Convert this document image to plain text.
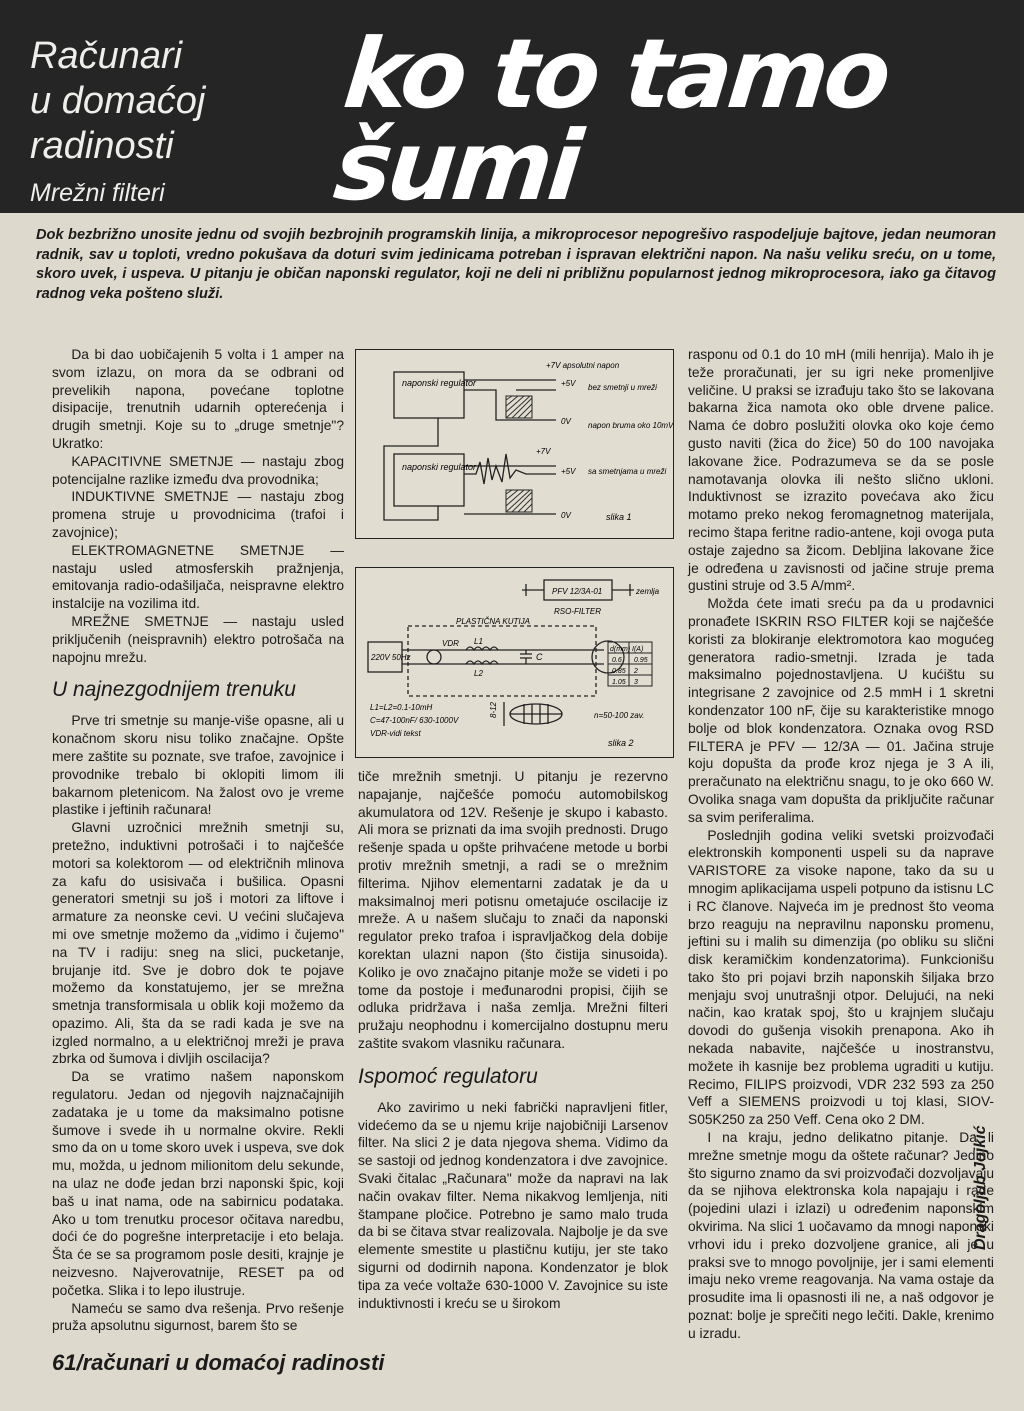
Računari
u domaćoj
radinosti
Mrežni filteri
ko to tamo
šumi
Dok bezbrižno unosite jednu od svojih bezbrojnih programskih linija, a mikroprocesor nepogrešivo raspodeljuje bajtove, jedan neumoran radnik, sav u toploti, vredno pokušava da doturi svim jedinicama potreban i ispravan električni napon. Na našu veliku sreću, on u tome, skoro uvek, i uspeva. U pitanju je običan naponski regulator, koji ne deli ni približnu popularnost jednog mikroprocesora, iako ga čitavog radnog veka pošteno služi.

Da bi dao uobičajenih 5 volta i 1 amper na svom izlazu, on mora da se odbrani od prevelikih napona, povećane toplotne disipacije, trenutnih udarnih opterećenja i drugih smetnji. Koje su to „druge smetnje"? Ukratko:

KAPACITIVNE SMETNJE — nastaju zbog potencijalne razlike između dva provodnika;

INDUKTIVNE SMETNJE — nastaju zbog promena struje u provodnicima (trafoi i zavojnice);

ELEKTROMAGNETNE SMETNJE — nastaju usled atmosferskih pražnjenja, emitovanja radio-odašiljača, neispravne elektro instalcije na vozilima itd.

MREŽNE SMETNJE — nastaju usled priključenih (neispravnih) elektro potrošača na napojnu mrežu.

U najnezgodnijem trenuku

Prve tri smetnje su manje-više opasne, ali u konačnom skoru nisu toliko značajne. Opšte mere zaštite su poznate, sve trafoe, zavojnice i provodnike trebalo bi oklopiti limom ili bakarnom pletenicom. Na žalost ovo je vreme plastike i jeftinih računara!

Glavni uzročnici mrežnih smetnji su, pretežno, induktivni potrošači i to najčešće motori sa kolektorom — od električnih mlinova za kafu do usisivača i bušilica. Opasni generatori smetnji su još i motori za liftove i armature za neonske cevi. U većini slučajeva mi ove smetnje možemo da „vidimo i čujemo" na TV i radiju: sneg na slici, pucketanje, brujanje itd. Sve je dobro dok te pojave možemo da konstatujemo, jer se mrežna smetnja transformisala u oblik koji možemo da opazimo. Ali, šta da se radi kada je sve na izgled normalno, a u električnoj mreži je prava zbrka od šumova i divljih oscilacija?

Da se vratimo našem naponskom regulatoru. Jedan od njegovih najznačajnijih zadataka je u tome da maksimalno potisne šumove i svede ih u normalne okvire. Rekli smo da on u tome skoro uvek i uspeva, sve dok mu, možda, u jednom milionitom delu sekunde, na ulaz ne dođe jedan brzi naponski špic, koji baš u inat nama, ode na sabirnicu podataka. Ako u tom trenutku procesor očitava naredbu, doći će do pogrešne interpretacije i eto belaja. Šta će se sa programom posle desiti, krajnje je neizvesno. Najverovatnije, RESET pa od početka. Slika i to lepo ilustruje.

Nameću se samo dva rešenja. Prvo rešenje pruža apsolutnu sigurnost, barem što se

naponski regulator
naponski regulator
+7V apsolutni napon
+5V
0V
bez smetnji u mreži
napon bruma oko 10mV
+7V
+5V
0V
sa smetnjama u mreži
slika 1
PFV 12/3A-01	zemlja
RSO-FILTER
PLASTIČNA KUTIJA
220V 50Hz
VDR L1
L2
C
d(mm) I(A)
0.6 0.95
0.85 2
1.05 3
L1=L2=0.1-10mH
C=47-100nF/ 630-1000V
VDR-vidi tekst
8-12	n=50-100 zav.
slika 2

tiče mrežnih smetnji. U pitanju je rezervno napajanje, najčešće pomoću automobilskog akumulatora od 12V. Rešenje je skupo i kabasto. Ali mora se priznati da ima svojih prednosti. Drugo rešenje spada u opšte prihvaćene metode u borbi protiv mrežnih smetnji, a radi se o mrežnim filterima. Njihov elementarni zadatak je da u maksimalnoj meri potisnu ometajuće oscilacije iz mreže. A u našem slučaju to znači da naponski regulator preko trafoa i ispravljačkog dela dobije korektan ulazni napon (što čistija sinusoida). Koliko je ovo značajno pitanje može se videti i po tome da postoje i međunarodni propisi, čijih se odluka pridržava i naša zemlja. Mrežni filteri pružaju neophodnu i komercijalno dostupnu meru zaštite svakom vlasniku računara.

Ispomoć regulatoru

Ako zavirimo u neki fabrički napravljeni fitler, videćemo da se u njemu krije najobičniji Larsenov filter. Na slici 2 je data njegova shema. Vidimo da se sastoji od jednog kondenzatora i dve zavojnice. Svaki čitalac „Računara" može da napravi na lak način ovakav filter. Nema nikakvog lemljenja, niti štampane pločice. Potrebno je samo malo truda da bi se čitava stvar realizovala. Najbolje je da sve elemente smestite u plastičnu kutiju, jer ste tako sigurni od dodirnih napona. Kondenzator je blok tipa za veće voltaže 630-1000 V. Zavojnice su iste induktivnosti i kreću se u širokom

rasponu od 0.1 do 10 mH (mili henrija). Malo ih je teže proračunati, jer su igri neke promenljive veličine. U praksi se izrađuju tako što se lakovana bakarna žica namota oko oble drvene palice. Nama će dobro poslužiti olovka oko koje ćemo gusto naviti (žica do žice) 50 do 100 navojaka lakovane žice. Podrazumeva se da se posle namotavanja olovka ili nešto slično ukloni. Induktivnost se izrazito povećava ako žicu motamo preko nekog feromagnetnog materijala, recimo štapa feritne radio-antene, koji ovoga puta ostaje zajedno sa žicom. Debljina lakovane žice je određena u zavisnosti od jačine struje prema gustini struje od 3.5 A/mm².

Možda ćete imati sreću pa da u prodavnici pronađete ISKRIN RSO FILTER koji se najčešće koristi za blokiranje elektromotora kao mogućeg generatora radio-smetnji. Izrada je tada maksimalno pojednostavljena. U kućištu su integrisane 2 zavojnice od 2.5 mmH i 1 skretni kondenzator 100 nF, čije su karakteristike mnogo bolje od blok kondenzatora. Oznaka ovog RSD FILTERA je PFV — 12/3A — 01. Jačina struje koju dopušta da prođe kroz njega je 3 A ili, preračunato na električnu snagu, to je oko 660 W. Ovolika snaga vam dopušta da priključite računar sa svim periferalima.

Poslednjih godina veliki svetski proizvođači elektronskih komponenti uspeli su da naprave VARISTORE za visoke napone, tako da su u mnogim aplikacijama uspeli potpuno da istisnu LC i RC članove. Najveća im je prednost što veoma brzo reaguju na nepravilnu naponsku promenu, jeftini su i malih su dimenzija (po obliku su slični disk keramičkim kondenzatorima). Funkcionišu tako što pri pojavi brzih naponskih šiljaka brzo menjaju svoj unutrašnji otpor. Delujući, na neki način, kao kratak spoj, što u krajnjem slučaju dovodi do gušenja visokih prenapona. Ako ih nekada nabavite, najčešće u inostranstvu, možete ih kasnije bez problema ugraditi u kutiju. Recimo, FILIPS proizvodi, VDR 232 593 za 250 Veff a SIEMENS proizvodi u toj klasi, SIOV-S05K250 za 250 Veff. Cena oko 2 DM.

I na kraju, jedno delikatno pitanje. Da li mrežne smetnje mogu da oštete računar? Jedino što sigurno znamo da svi proizvođači dozvoljavaju da se njihova elektronska kola napajaju i rade (pojedini ulazi i izlazi) u određenim naponskim okvirima. Na slici 1 uočavamo da mnogi naponski vrhovi idu i preko dozvoljene granice, ali je u praksi sve to mnogo povoljnije, jer i sami elementi imaju neko vreme reagovanja. Na vama ostaje da prosudite ima li opasnosti ili ne, a naš odgovor je poznat: bolje je sprečiti nego lečiti. Dakle, krenimo u izradu.

61/računari u domaćoj radinosti
Dragoljub Jojkić
